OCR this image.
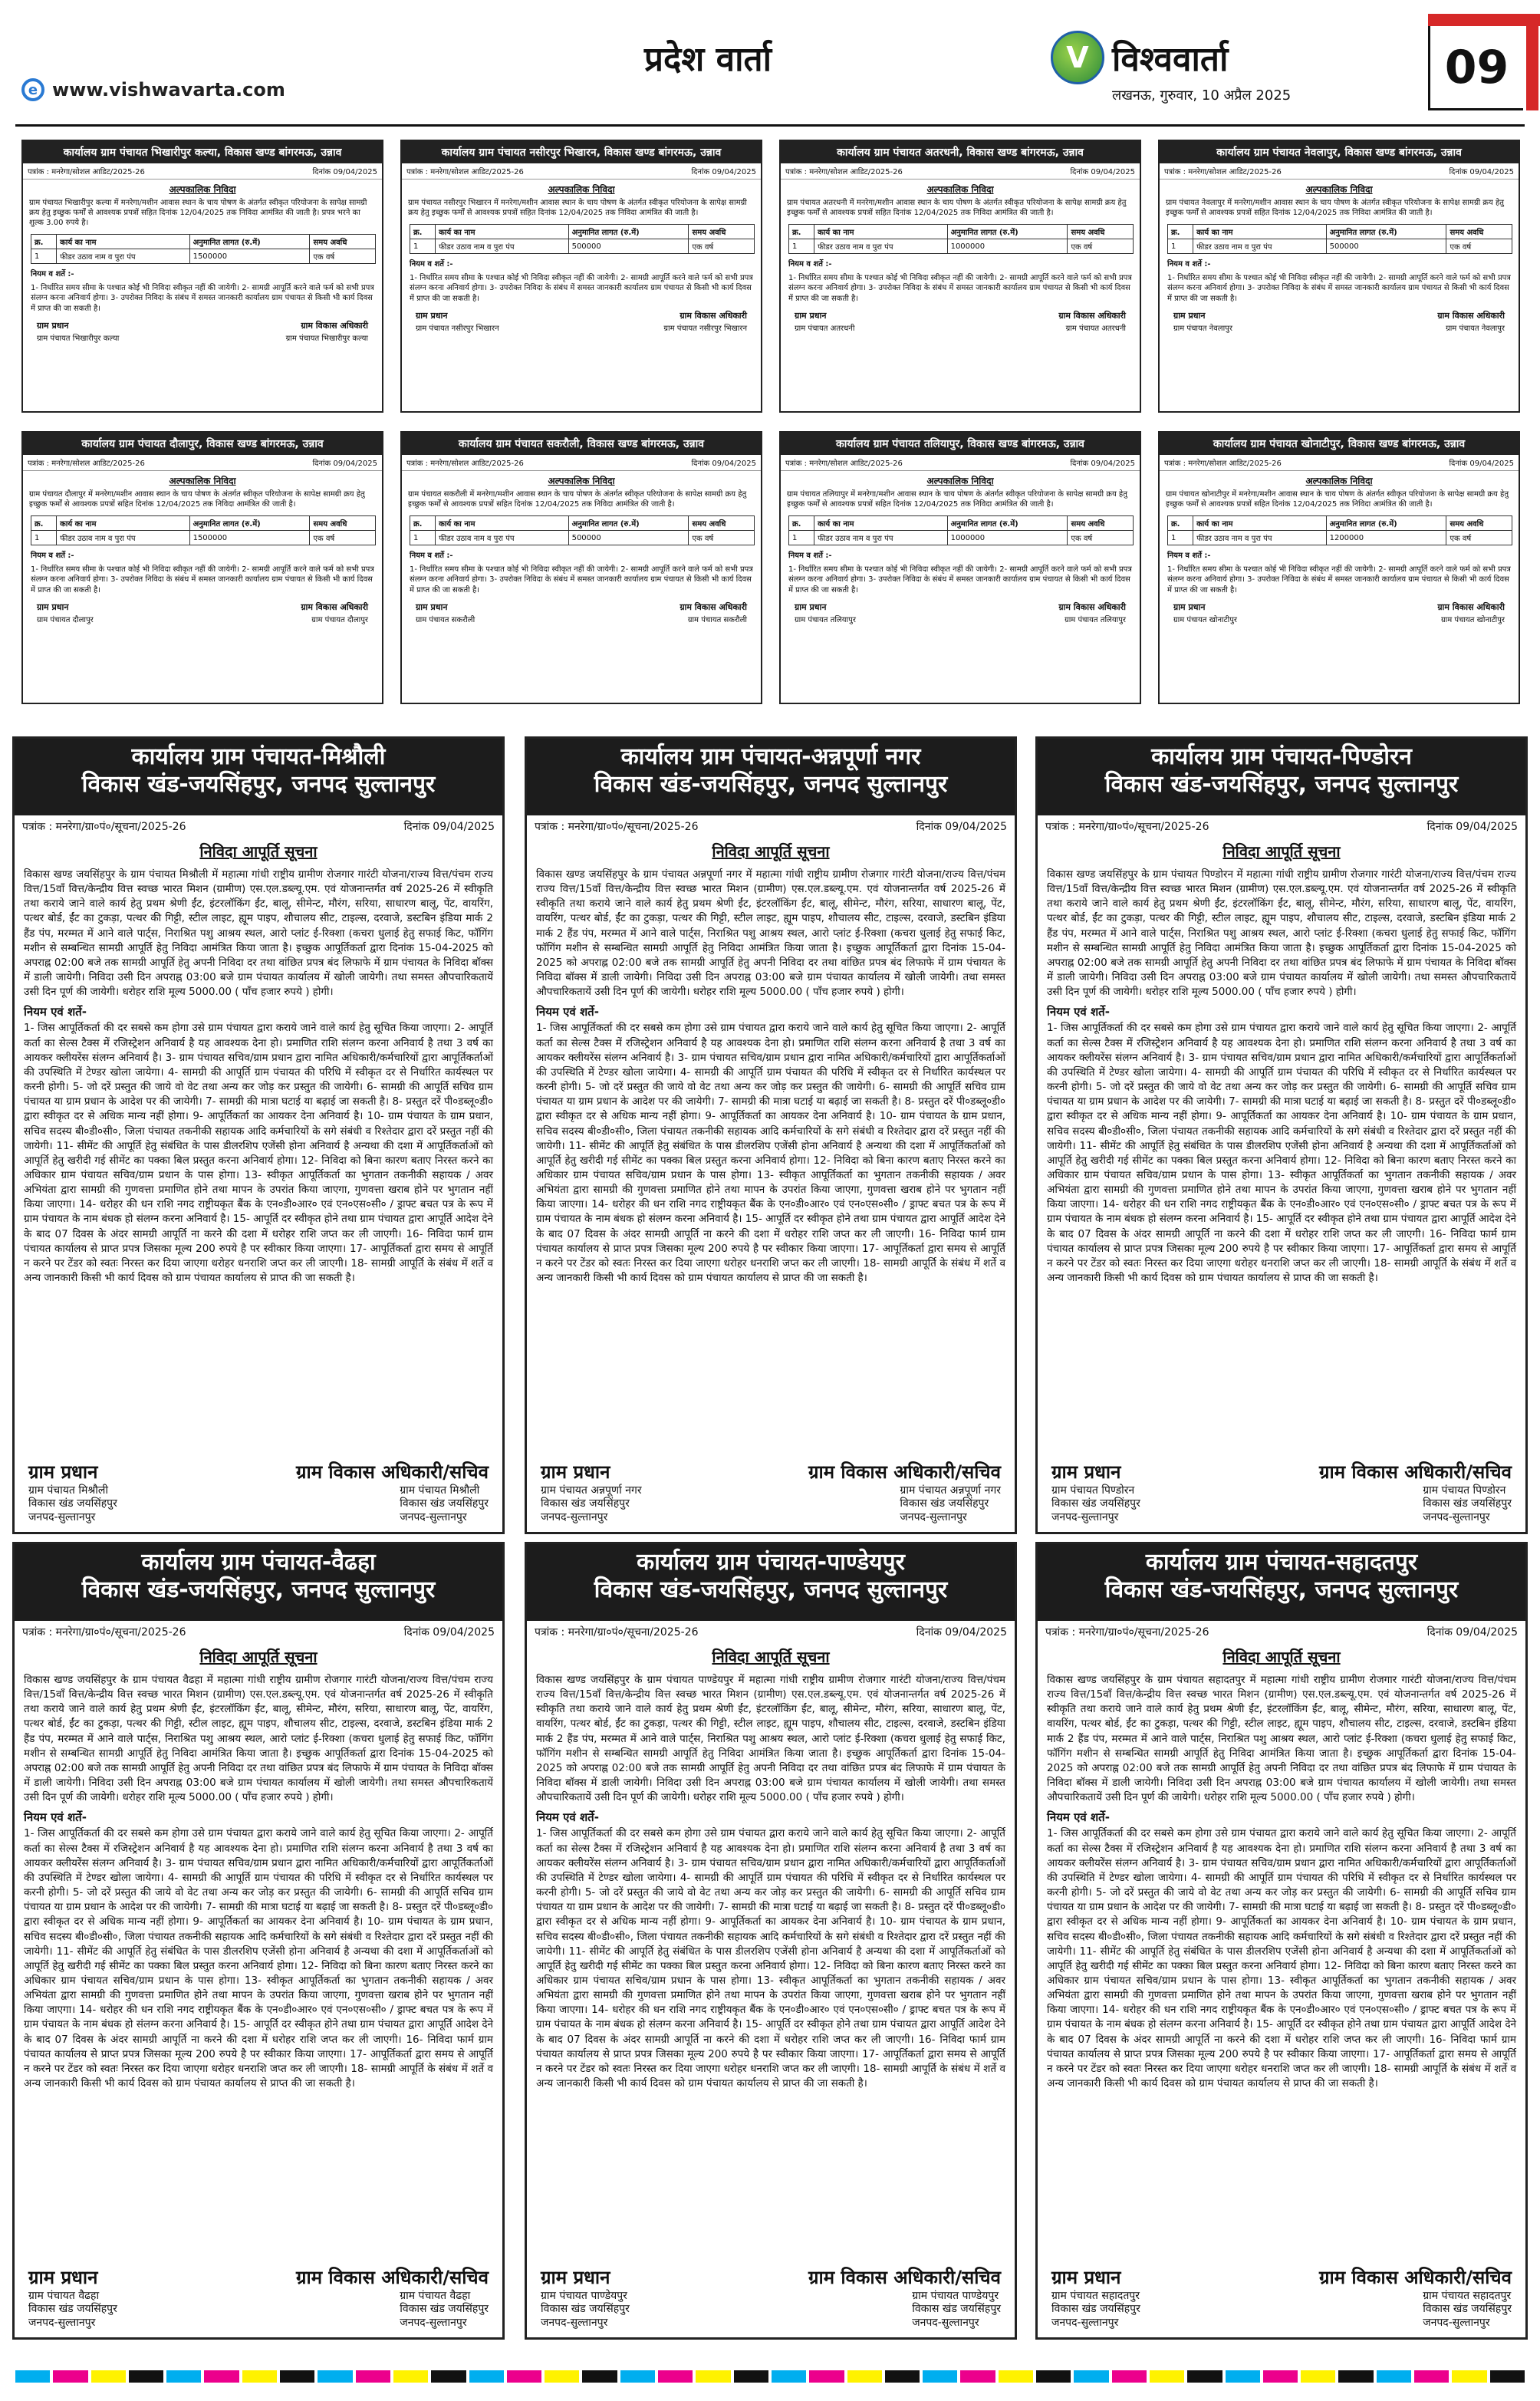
e www.vishwavarta.com
प्रदेश वार्ता	V विश्ववार्ता
लखनऊ, गुरुवार, 10 अप्रैल 2025
09
कार्यालय ग्राम पंचायत भिखारीपुर कल्या, विकास खण्ड बांगरमऊ, उन्नाव
पत्रांक : मनरेगा/सोशल आडिट/2025-26	दिनांक 09/04/2025
अल्पकालिक निविदा
ग्राम पंचायत भिखारीपुर कल्या में मनरेगा/मशीन आवास स्थान के चाय पोषण के अंतर्गत स्वीकृत परियोजना के सापेक्ष सामग्री क्रय हेतु इच्छुक फर्मों से आवश्यक प्रपत्रों सहित दिनांक 12/04/2025 तक निविदा आमंत्रित की जाती है। प्रपत्र भरने का शुल्क 3.00 रुपये है।
क्र.	कार्य का नाम	अनुमानित लागत (रु.में)	समय अवधि
1	फीडर उठाव नाम व पुरा पंप	1500000	एक वर्ष
नियम व शर्ते :-
1- निर्धारित समय सीमा के पश्चात कोई भी निविदा स्वीकृत नहीं की जायेगी। 2- सामग्री आपूर्ति करने वाले फर्म को सभी प्रपत्र संलग्न करना अनिवार्य होगा। 3- उपरोक्त निविदा के संबंध में समस्त जानकारी कार्यालय ग्राम पंचायत से किसी भी कार्य दिवस में प्राप्त की जा सकती है।
ग्राम प्रधान	ग्राम विकास अधिकारी
ग्राम पंचायत भिखारीपुर कल्या	ग्राम पंचायत भिखारीपुर कल्या
कार्यालय ग्राम पंचायत नसीरपुर भिखारन, विकास खण्ड बांगरमऊ, उन्नाव
पत्रांक : मनरेगा/सोशल आडिट/2025-26	दिनांक 09/04/2025
अल्पकालिक निविदा
ग्राम पंचायत नसीरपुर भिखारन में मनरेगा/मशीन आवास स्थान के चाय पोषण के अंतर्गत स्वीकृत परियोजना के सापेक्ष सामग्री क्रय हेतु इच्छुक फर्मों से आवश्यक प्रपत्रों सहित दिनांक 12/04/2025 तक निविदा आमंत्रित की जाती है।
क्र.	कार्य का नाम	अनुमानित लागत (रु.में)	समय अवधि
1	फीडर उठाव नाम व पुरा पंप	500000	एक वर्ष
नियम व शर्ते :-
1- निर्धारित समय सीमा के पश्चात कोई भी निविदा स्वीकृत नहीं की जायेगी। 2- सामग्री आपूर्ति करने वाले फर्म को सभी प्रपत्र संलग्न करना अनिवार्य होगा। 3- उपरोक्त निविदा के संबंध में समस्त जानकारी कार्यालय ग्राम पंचायत से किसी भी कार्य दिवस में प्राप्त की जा सकती है।
ग्राम प्रधान	ग्राम विकास अधिकारी
ग्राम पंचायत नसीरपुर भिखारन	ग्राम पंचायत नसीरपुर भिखारन
कार्यालय ग्राम पंचायत अतरधनी, विकास खण्ड बांगरमऊ, उन्नाव
पत्रांक : मनरेगा/सोशल आडिट/2025-26	दिनांक 09/04/2025
अल्पकालिक निविदा
ग्राम पंचायत अतरधनी में मनरेगा/मशीन आवास स्थान के चाय पोषण के अंतर्गत स्वीकृत परियोजना के सापेक्ष सामग्री क्रय हेतु इच्छुक फर्मों से आवश्यक प्रपत्रों सहित दिनांक 12/04/2025 तक निविदा आमंत्रित की जाती है।
क्र.	कार्य का नाम	अनुमानित लागत (रु.में)	समय अवधि
1	फीडर उठाव नाम व पुरा पंप	1000000	एक वर्ष
नियम व शर्ते :-
1- निर्धारित समय सीमा के पश्चात कोई भी निविदा स्वीकृत नहीं की जायेगी। 2- सामग्री आपूर्ति करने वाले फर्म को सभी प्रपत्र संलग्न करना अनिवार्य होगा। 3- उपरोक्त निविदा के संबंध में समस्त जानकारी कार्यालय ग्राम पंचायत से किसी भी कार्य दिवस में प्राप्त की जा सकती है।
ग्राम प्रधान	ग्राम विकास अधिकारी
ग्राम पंचायत अतरधनी	ग्राम पंचायत अतरधनी
कार्यालय ग्राम पंचायत नेवलापुर, विकास खण्ड बांगरमऊ, उन्नाव
पत्रांक : मनरेगा/सोशल आडिट/2025-26	दिनांक 09/04/2025
अल्पकालिक निविदा
ग्राम पंचायत नेवलापुर में मनरेगा/मशीन आवास स्थान के चाय पोषण के अंतर्गत स्वीकृत परियोजना के सापेक्ष सामग्री क्रय हेतु इच्छुक फर्मों से आवश्यक प्रपत्रों सहित दिनांक 12/04/2025 तक निविदा आमंत्रित की जाती है।
क्र.	कार्य का नाम	अनुमानित लागत (रु.में)	समय अवधि
1	फीडर उठाव नाम व पुरा पंप	500000	एक वर्ष
नियम व शर्ते :-
1- निर्धारित समय सीमा के पश्चात कोई भी निविदा स्वीकृत नहीं की जायेगी। 2- सामग्री आपूर्ति करने वाले फर्म को सभी प्रपत्र संलग्न करना अनिवार्य होगा। 3- उपरोक्त निविदा के संबंध में समस्त जानकारी कार्यालय ग्राम पंचायत से किसी भी कार्य दिवस में प्राप्त की जा सकती है।
ग्राम प्रधान	ग्राम विकास अधिकारी
ग्राम पंचायत नेवलापुर	ग्राम पंचायत नेवलापुर
कार्यालय ग्राम पंचायत दौलापुर, विकास खण्ड बांगरमऊ, उन्नाव
पत्रांक : मनरेगा/सोशल आडिट/2025-26	दिनांक 09/04/2025
अल्पकालिक निविदा
ग्राम पंचायत दौलापुर में मनरेगा/मशीन आवास स्थान के चाय पोषण के अंतर्गत स्वीकृत परियोजना के सापेक्ष सामग्री क्रय हेतु इच्छुक फर्मों से आवश्यक प्रपत्रों सहित दिनांक 12/04/2025 तक निविदा आमंत्रित की जाती है।
क्र.	कार्य का नाम	अनुमानित लागत (रु.में)	समय अवधि
1	फीडर उठाव नाम व पुरा पंप	1500000	एक वर्ष
नियम व शर्ते :-
1- निर्धारित समय सीमा के पश्चात कोई भी निविदा स्वीकृत नहीं की जायेगी। 2- सामग्री आपूर्ति करने वाले फर्म को सभी प्रपत्र संलग्न करना अनिवार्य होगा। 3- उपरोक्त निविदा के संबंध में समस्त जानकारी कार्यालय ग्राम पंचायत से किसी भी कार्य दिवस में प्राप्त की जा सकती है।
ग्राम प्रधान	ग्राम विकास अधिकारी
ग्राम पंचायत दौलापुर	ग्राम पंचायत दौलापुर
कार्यालय ग्राम पंचायत सकरौली, विकास खण्ड बांगरमऊ, उन्नाव
पत्रांक : मनरेगा/सोशल आडिट/2025-26	दिनांक 09/04/2025
अल्पकालिक निविदा
ग्राम पंचायत सकरौली में मनरेगा/मशीन आवास स्थान के चाय पोषण के अंतर्गत स्वीकृत परियोजना के सापेक्ष सामग्री क्रय हेतु इच्छुक फर्मों से आवश्यक प्रपत्रों सहित दिनांक 12/04/2025 तक निविदा आमंत्रित की जाती है।
क्र.	कार्य का नाम	अनुमानित लागत (रु.में)	समय अवधि
1	फीडर उठाव नाम व पुरा पंप	500000	एक वर्ष
नियम व शर्ते :-
1- निर्धारित समय सीमा के पश्चात कोई भी निविदा स्वीकृत नहीं की जायेगी। 2- सामग्री आपूर्ति करने वाले फर्म को सभी प्रपत्र संलग्न करना अनिवार्य होगा। 3- उपरोक्त निविदा के संबंध में समस्त जानकारी कार्यालय ग्राम पंचायत से किसी भी कार्य दिवस में प्राप्त की जा सकती है।
ग्राम प्रधान	ग्राम विकास अधिकारी
ग्राम पंचायत सकरौली	ग्राम पंचायत सकरौली
कार्यालय ग्राम पंचायत तलियापुर, विकास खण्ड बांगरमऊ, उन्नाव
पत्रांक : मनरेगा/सोशल आडिट/2025-26	दिनांक 09/04/2025
अल्पकालिक निविदा
ग्राम पंचायत तलियापुर में मनरेगा/मशीन आवास स्थान के चाय पोषण के अंतर्गत स्वीकृत परियोजना के सापेक्ष सामग्री क्रय हेतु इच्छुक फर्मों से आवश्यक प्रपत्रों सहित दिनांक 12/04/2025 तक निविदा आमंत्रित की जाती है।
क्र.	कार्य का नाम	अनुमानित लागत (रु.में)	समय अवधि
1	फीडर उठाव नाम व पुरा पंप	1000000	एक वर्ष
नियम व शर्ते :-
1- निर्धारित समय सीमा के पश्चात कोई भी निविदा स्वीकृत नहीं की जायेगी। 2- सामग्री आपूर्ति करने वाले फर्म को सभी प्रपत्र संलग्न करना अनिवार्य होगा। 3- उपरोक्त निविदा के संबंध में समस्त जानकारी कार्यालय ग्राम पंचायत से किसी भी कार्य दिवस में प्राप्त की जा सकती है।
ग्राम प्रधान	ग्राम विकास अधिकारी
ग्राम पंचायत तलियापुर	ग्राम पंचायत तलियापुर
कार्यालय ग्राम पंचायत खोनाटीपुर, विकास खण्ड बांगरमऊ, उन्नाव
पत्रांक : मनरेगा/सोशल आडिट/2025-26	दिनांक 09/04/2025
अल्पकालिक निविदा
ग्राम पंचायत खोनाटीपुर में मनरेगा/मशीन आवास स्थान के चाय पोषण के अंतर्गत स्वीकृत परियोजना के सापेक्ष सामग्री क्रय हेतु इच्छुक फर्मों से आवश्यक प्रपत्रों सहित दिनांक 12/04/2025 तक निविदा आमंत्रित की जाती है।
क्र.	कार्य का नाम	अनुमानित लागत (रु.में)	समय अवधि
1	फीडर उठाव नाम व पुरा पंप	1200000	एक वर्ष
नियम व शर्ते :-
1- निर्धारित समय सीमा के पश्चात कोई भी निविदा स्वीकृत नहीं की जायेगी। 2- सामग्री आपूर्ति करने वाले फर्म को सभी प्रपत्र संलग्न करना अनिवार्य होगा। 3- उपरोक्त निविदा के संबंध में समस्त जानकारी कार्यालय ग्राम पंचायत से किसी भी कार्य दिवस में प्राप्त की जा सकती है।
ग्राम प्रधान	ग्राम विकास अधिकारी
ग्राम पंचायत खोनाटीपुर	ग्राम पंचायत खोनाटीपुर
कार्यालय ग्राम पंचायत-मिश्रौली
विकास खंड-जयसिंहपुर, जनपद सुल्तानपुर
पत्रांक : मनरेगा/ग्रा०पं०/सूचना/2025-26	दिनांक 09/04/2025
निविदा आपूर्ति सूचना
विकास खण्ड जयसिंहपुर के ग्राम पंचायत मिश्रौली में महात्मा गांधी राष्ट्रीय ग्रामीण रोजगार गारंटी योजना/राज्य वित्त/पंचम राज्य वित्त/15वाँ वित्त/केन्द्रीय वित्त स्वच्छ भारत मिशन (ग्रामीण) एस.एल.डब्ल्यू.एम. एवं योजनान्तर्गत वर्ष 2025-26 में स्वीकृति तथा कराये जाने वाले कार्य हेतु प्रथम श्रेणी ईंट, इंटरलॉकिंग ईंट, बालू, सीमेन्ट, मौरंग, सरिया, साधारण बालू, पेंट, वायरिंग, पत्थर बोर्ड, ईंट का टुकड़ा, पत्थर की गिट्टी, स्टील लाइट, ह्यूम पाइप, शौचालय सीट, टाइल्स, दरवाजे, डस्टबिन इंडिया मार्क 2 हैंड पंप, मरम्मत में आने वाले पार्ट्स, निराश्रित पशु आश्रय स्थल, आरो प्लांट ई-रिक्शा (कचरा धुलाई हेतु सफाई किट, फॉगिंग मशीन से सम्बन्धित सामग्री आपूर्ति हेतु निविदा आमंत्रित किया जाता है। इच्छुक आपूर्तिकर्ता द्वारा दिनांक 15-04-2025 को अपराह्न 02:00 बजे तक सामग्री आपूर्ति हेतु अपनी निविदा दर तथा वांछित प्रपत्र बंद लिफाफे में ग्राम पंचायत के निविदा बॉक्स में डाली जायेगी। निविदा उसी दिन अपराह्न 03:00 बजे ग्राम पंचायत कार्यालय में खोली जायेगी। तथा समस्त औपचारिकतायें उसी दिन पूर्ण की जायेगी। धरोहर राशि मूल्य 5000.00 ( पाँच हजार रुपये ) होगी।
नियम एवं शर्ते-
1- जिस आपूर्तिकर्ता की दर सबसे कम होगा उसे ग्राम पंचायत द्वारा कराये जाने वाले कार्य हेतु सूचित किया जाएगा। 2- आपूर्ति कर्ता का सेल्स टैक्स में रजिस्ट्रेशन अनिवार्य है यह आवश्यक देना हो। प्रमाणित राशि संलग्न करना अनिवार्य है तथा 3 वर्ष का आयकर क्लीयरेंस संलग्न अनिवार्य है। 3- ग्राम पंचायत सचिव/ग्राम प्रधान द्वारा नामित अधिकारी/कर्मचारियों द्वारा आपूर्तिकर्ताओं की उपस्थिति में टेण्डर खोला जायेगा। 4- सामग्री की आपूर्ति ग्राम पंचायत की परिधि में स्वीकृत दर से निर्धारित कार्यस्थल पर करनी होगी। 5- जो दरें प्रस्तुत की जाये वो वेट तथा अन्य कर जोड़ कर प्रस्तुत की जायेगी। 6- सामग्री की आपूर्ति सचिव ग्राम पंचायत या ग्राम प्रधान के आदेश पर की जायेगी। 7- सामग्री की मात्रा घटाई या बढ़ाई जा सकती है। 8- प्रस्तुत दरें पी०डब्लू०डी० द्वारा स्वीकृत दर से अधिक मान्य नहीं होगा। 9- आपूर्तिकर्ता का आयकर देना अनिवार्य है। 10- ग्राम पंचायत के ग्राम प्रधान, सचिव सदस्य बी०डी०सी०, जिला पंचायत तकनीकी सहायक आदि कर्मचारियों के सगे संबंधी व रिश्तेदार द्वारा दरें प्रस्तुत नहीं की जायेगी। 11- सीमेंट की आपूर्ति हेतु संबंधित के पास डीलरशिप एजेंसी होना अनिवार्य है अन्यथा की दशा में आपूर्तिकर्ताओं को आपूर्ति हेतु खरीदी गई सीमेंट का पक्का बिल प्रस्तुत करना अनिवार्य होगा। 12- निविदा को बिना कारण बताए निरस्त करने का अधिकार ग्राम पंचायत सचिव/ग्राम प्रधान के पास होगा। 13- स्वीकृत आपूर्तिकर्ता का भुगतान तकनीकी सहायक / अवर अभियंता द्वारा सामग्री की गुणवत्ता प्रमाणित होने तथा मापन के उपरांत किया जाएगा, गुणवत्ता खराब होने पर भुगतान नहीं किया जाएगा। 14- धरोहर की धन राशि नगद राष्ट्रीयकृत बैंक के एन०डी०आर० एवं एन०एस०सी० / ड्राफ्ट बचत पत्र के रूप में ग्राम पंचायत के नाम बंधक हो संलग्न करना अनिवार्य है। 15- आपूर्ति दर स्वीकृत होने तथा ग्राम पंचायत द्वारा आपूर्ति आदेश देने के बाद 07 दिवस के अंदर सामग्री आपूर्ति ना करने की दशा में धरोहर राशि जप्त कर ली जाएगी। 16- निविदा फार्म ग्राम पंचायत कार्यालय से प्राप्त प्रपत्र जिसका मूल्य 200 रुपये है पर स्वीकार किया जाएगा। 17- आपूर्तिकर्ता द्वारा समय से आपूर्ति न करने पर टेंडर को स्वतः निरस्त कर दिया जाएगा धरोहर धनराशि जप्त कर ली जाएगी। 18- सामग्री आपूर्ति के संबंध में शर्ते व अन्य जानकारी किसी भी कार्य दिवस को ग्राम पंचायत कार्यालय से प्राप्त की जा सकती है।
ग्राम प्रधान	ग्राम विकास अधिकारी/सचिव
ग्राम पंचायत मिश्रौली
विकास खंड जयसिंहपुर
जनपद-सुल्तानपुर
ग्राम पंचायत मिश्रौली
विकास खंड जयसिंहपुर
जनपद-सुल्तानपुर
कार्यालय ग्राम पंचायत-अन्नपूर्णा नगर
विकास खंड-जयसिंहपुर, जनपद सुल्तानपुर
पत्रांक : मनरेगा/ग्रा०पं०/सूचना/2025-26	दिनांक 09/04/2025
निविदा आपूर्ति सूचना
विकास खण्ड जयसिंहपुर के ग्राम पंचायत अन्नपूर्णा नगर में महात्मा गांधी राष्ट्रीय ग्रामीण रोजगार गारंटी योजना/राज्य वित्त/पंचम राज्य वित्त/15वाँ वित्त/केन्द्रीय वित्त स्वच्छ भारत मिशन (ग्रामीण) एस.एल.डब्ल्यू.एम. एवं योजनान्तर्गत वर्ष 2025-26 में स्वीकृति तथा कराये जाने वाले कार्य हेतु प्रथम श्रेणी ईंट, इंटरलॉकिंग ईंट, बालू, सीमेन्ट, मौरंग, सरिया, साधारण बालू, पेंट, वायरिंग, पत्थर बोर्ड, ईंट का टुकड़ा, पत्थर की गिट्टी, स्टील लाइट, ह्यूम पाइप, शौचालय सीट, टाइल्स, दरवाजे, डस्टबिन इंडिया मार्क 2 हैंड पंप, मरम्मत में आने वाले पार्ट्स, निराश्रित पशु आश्रय स्थल, आरो प्लांट ई-रिक्शा (कचरा धुलाई हेतु सफाई किट, फॉगिंग मशीन से सम्बन्धित सामग्री आपूर्ति हेतु निविदा आमंत्रित किया जाता है। इच्छुक आपूर्तिकर्ता द्वारा दिनांक 15-04-2025 को अपराह्न 02:00 बजे तक सामग्री आपूर्ति हेतु अपनी निविदा दर तथा वांछित प्रपत्र बंद लिफाफे में ग्राम पंचायत के निविदा बॉक्स में डाली जायेगी। निविदा उसी दिन अपराह्न 03:00 बजे ग्राम पंचायत कार्यालय में खोली जायेगी। तथा समस्त औपचारिकतायें उसी दिन पूर्ण की जायेगी। धरोहर राशि मूल्य 5000.00 ( पाँच हजार रुपये ) होगी।
नियम एवं शर्ते-
1- जिस आपूर्तिकर्ता की दर सबसे कम होगा उसे ग्राम पंचायत द्वारा कराये जाने वाले कार्य हेतु सूचित किया जाएगा। 2- आपूर्ति कर्ता का सेल्स टैक्स में रजिस्ट्रेशन अनिवार्य है यह आवश्यक देना हो। प्रमाणित राशि संलग्न करना अनिवार्य है तथा 3 वर्ष का आयकर क्लीयरेंस संलग्न अनिवार्य है। 3- ग्राम पंचायत सचिव/ग्राम प्रधान द्वारा नामित अधिकारी/कर्मचारियों द्वारा आपूर्तिकर्ताओं की उपस्थिति में टेण्डर खोला जायेगा। 4- सामग्री की आपूर्ति ग्राम पंचायत की परिधि में स्वीकृत दर से निर्धारित कार्यस्थल पर करनी होगी। 5- जो दरें प्रस्तुत की जाये वो वेट तथा अन्य कर जोड़ कर प्रस्तुत की जायेगी। 6- सामग्री की आपूर्ति सचिव ग्राम पंचायत या ग्राम प्रधान के आदेश पर की जायेगी। 7- सामग्री की मात्रा घटाई या बढ़ाई जा सकती है। 8- प्रस्तुत दरें पी०डब्लू०डी० द्वारा स्वीकृत दर से अधिक मान्य नहीं होगा। 9- आपूर्तिकर्ता का आयकर देना अनिवार्य है। 10- ग्राम पंचायत के ग्राम प्रधान, सचिव सदस्य बी०डी०सी०, जिला पंचायत तकनीकी सहायक आदि कर्मचारियों के सगे संबंधी व रिश्तेदार द्वारा दरें प्रस्तुत नहीं की जायेगी। 11- सीमेंट की आपूर्ति हेतु संबंधित के पास डीलरशिप एजेंसी होना अनिवार्य है अन्यथा की दशा में आपूर्तिकर्ताओं को आपूर्ति हेतु खरीदी गई सीमेंट का पक्का बिल प्रस्तुत करना अनिवार्य होगा। 12- निविदा को बिना कारण बताए निरस्त करने का अधिकार ग्राम पंचायत सचिव/ग्राम प्रधान के पास होगा। 13- स्वीकृत आपूर्तिकर्ता का भुगतान तकनीकी सहायक / अवर अभियंता द्वारा सामग्री की गुणवत्ता प्रमाणित होने तथा मापन के उपरांत किया जाएगा, गुणवत्ता खराब होने पर भुगतान नहीं किया जाएगा। 14- धरोहर की धन राशि नगद राष्ट्रीयकृत बैंक के एन०डी०आर० एवं एन०एस०सी० / ड्राफ्ट बचत पत्र के रूप में ग्राम पंचायत के नाम बंधक हो संलग्न करना अनिवार्य है। 15- आपूर्ति दर स्वीकृत होने तथा ग्राम पंचायत द्वारा आपूर्ति आदेश देने के बाद 07 दिवस के अंदर सामग्री आपूर्ति ना करने की दशा में धरोहर राशि जप्त कर ली जाएगी। 16- निविदा फार्म ग्राम पंचायत कार्यालय से प्राप्त प्रपत्र जिसका मूल्य 200 रुपये है पर स्वीकार किया जाएगा। 17- आपूर्तिकर्ता द्वारा समय से आपूर्ति न करने पर टेंडर को स्वतः निरस्त कर दिया जाएगा धरोहर धनराशि जप्त कर ली जाएगी। 18- सामग्री आपूर्ति के संबंध में शर्ते व अन्य जानकारी किसी भी कार्य दिवस को ग्राम पंचायत कार्यालय से प्राप्त की जा सकती है।
ग्राम प्रधान	ग्राम विकास अधिकारी/सचिव
ग्राम पंचायत अन्नपूर्णा नगर
विकास खंड जयसिंहपुर
जनपद-सुल्तानपुर
ग्राम पंचायत अन्नपूर्णा नगर
विकास खंड जयसिंहपुर
जनपद-सुल्तानपुर
कार्यालय ग्राम पंचायत-पिण्डोरन
विकास खंड-जयसिंहपुर, जनपद सुल्तानपुर
पत्रांक : मनरेगा/ग्रा०पं०/सूचना/2025-26	दिनांक 09/04/2025
निविदा आपूर्ति सूचना
विकास खण्ड जयसिंहपुर के ग्राम पंचायत पिण्डोरन में महात्मा गांधी राष्ट्रीय ग्रामीण रोजगार गारंटी योजना/राज्य वित्त/पंचम राज्य वित्त/15वाँ वित्त/केन्द्रीय वित्त स्वच्छ भारत मिशन (ग्रामीण) एस.एल.डब्ल्यू.एम. एवं योजनान्तर्गत वर्ष 2025-26 में स्वीकृति तथा कराये जाने वाले कार्य हेतु प्रथम श्रेणी ईंट, इंटरलॉकिंग ईंट, बालू, सीमेन्ट, मौरंग, सरिया, साधारण बालू, पेंट, वायरिंग, पत्थर बोर्ड, ईंट का टुकड़ा, पत्थर की गिट्टी, स्टील लाइट, ह्यूम पाइप, शौचालय सीट, टाइल्स, दरवाजे, डस्टबिन इंडिया मार्क 2 हैंड पंप, मरम्मत में आने वाले पार्ट्स, निराश्रित पशु आश्रय स्थल, आरो प्लांट ई-रिक्शा (कचरा धुलाई हेतु सफाई किट, फॉगिंग मशीन से सम्बन्धित सामग्री आपूर्ति हेतु निविदा आमंत्रित किया जाता है। इच्छुक आपूर्तिकर्ता द्वारा दिनांक 15-04-2025 को अपराह्न 02:00 बजे तक सामग्री आपूर्ति हेतु अपनी निविदा दर तथा वांछित प्रपत्र बंद लिफाफे में ग्राम पंचायत के निविदा बॉक्स में डाली जायेगी। निविदा उसी दिन अपराह्न 03:00 बजे ग्राम पंचायत कार्यालय में खोली जायेगी। तथा समस्त औपचारिकतायें उसी दिन पूर्ण की जायेगी। धरोहर राशि मूल्य 5000.00 ( पाँच हजार रुपये ) होगी।
नियम एवं शर्ते-
1- जिस आपूर्तिकर्ता की दर सबसे कम होगा उसे ग्राम पंचायत द्वारा कराये जाने वाले कार्य हेतु सूचित किया जाएगा। 2- आपूर्ति कर्ता का सेल्स टैक्स में रजिस्ट्रेशन अनिवार्य है यह आवश्यक देना हो। प्रमाणित राशि संलग्न करना अनिवार्य है तथा 3 वर्ष का आयकर क्लीयरेंस संलग्न अनिवार्य है। 3- ग्राम पंचायत सचिव/ग्राम प्रधान द्वारा नामित अधिकारी/कर्मचारियों द्वारा आपूर्तिकर्ताओं की उपस्थिति में टेण्डर खोला जायेगा। 4- सामग्री की आपूर्ति ग्राम पंचायत की परिधि में स्वीकृत दर से निर्धारित कार्यस्थल पर करनी होगी। 5- जो दरें प्रस्तुत की जाये वो वेट तथा अन्य कर जोड़ कर प्रस्तुत की जायेगी। 6- सामग्री की आपूर्ति सचिव ग्राम पंचायत या ग्राम प्रधान के आदेश पर की जायेगी। 7- सामग्री की मात्रा घटाई या बढ़ाई जा सकती है। 8- प्रस्तुत दरें पी०डब्लू०डी० द्वारा स्वीकृत दर से अधिक मान्य नहीं होगा। 9- आपूर्तिकर्ता का आयकर देना अनिवार्य है। 10- ग्राम पंचायत के ग्राम प्रधान, सचिव सदस्य बी०डी०सी०, जिला पंचायत तकनीकी सहायक आदि कर्मचारियों के सगे संबंधी व रिश्तेदार द्वारा दरें प्रस्तुत नहीं की जायेगी। 11- सीमेंट की आपूर्ति हेतु संबंधित के पास डीलरशिप एजेंसी होना अनिवार्य है अन्यथा की दशा में आपूर्तिकर्ताओं को आपूर्ति हेतु खरीदी गई सीमेंट का पक्का बिल प्रस्तुत करना अनिवार्य होगा। 12- निविदा को बिना कारण बताए निरस्त करने का अधिकार ग्राम पंचायत सचिव/ग्राम प्रधान के पास होगा। 13- स्वीकृत आपूर्तिकर्ता का भुगतान तकनीकी सहायक / अवर अभियंता द्वारा सामग्री की गुणवत्ता प्रमाणित होने तथा मापन के उपरांत किया जाएगा, गुणवत्ता खराब होने पर भुगतान नहीं किया जाएगा। 14- धरोहर की धन राशि नगद राष्ट्रीयकृत बैंक के एन०डी०आर० एवं एन०एस०सी० / ड्राफ्ट बचत पत्र के रूप में ग्राम पंचायत के नाम बंधक हो संलग्न करना अनिवार्य है। 15- आपूर्ति दर स्वीकृत होने तथा ग्राम पंचायत द्वारा आपूर्ति आदेश देने के बाद 07 दिवस के अंदर सामग्री आपूर्ति ना करने की दशा में धरोहर राशि जप्त कर ली जाएगी। 16- निविदा फार्म ग्राम पंचायत कार्यालय से प्राप्त प्रपत्र जिसका मूल्य 200 रुपये है पर स्वीकार किया जाएगा। 17- आपूर्तिकर्ता द्वारा समय से आपूर्ति न करने पर टेंडर को स्वतः निरस्त कर दिया जाएगा धरोहर धनराशि जप्त कर ली जाएगी। 18- सामग्री आपूर्ति के संबंध में शर्ते व अन्य जानकारी किसी भी कार्य दिवस को ग्राम पंचायत कार्यालय से प्राप्त की जा सकती है।
ग्राम प्रधान	ग्राम विकास अधिकारी/सचिव
ग्राम पंचायत पिण्डोरन
विकास खंड जयसिंहपुर
जनपद-सुल्तानपुर
ग्राम पंचायत पिण्डोरन
विकास खंड जयसिंहपुर
जनपद-सुल्तानपुर
कार्यालय ग्राम पंचायत-वैढहा
विकास खंड-जयसिंहपुर, जनपद सुल्तानपुर
पत्रांक : मनरेगा/ग्रा०पं०/सूचना/2025-26	दिनांक 09/04/2025
निविदा आपूर्ति सूचना
विकास खण्ड जयसिंहपुर के ग्राम पंचायत वैढहा में महात्मा गांधी राष्ट्रीय ग्रामीण रोजगार गारंटी योजना/राज्य वित्त/पंचम राज्य वित्त/15वाँ वित्त/केन्द्रीय वित्त स्वच्छ भारत मिशन (ग्रामीण) एस.एल.डब्ल्यू.एम. एवं योजनान्तर्गत वर्ष 2025-26 में स्वीकृति तथा कराये जाने वाले कार्य हेतु प्रथम श्रेणी ईंट, इंटरलॉकिंग ईंट, बालू, सीमेन्ट, मौरंग, सरिया, साधारण बालू, पेंट, वायरिंग, पत्थर बोर्ड, ईंट का टुकड़ा, पत्थर की गिट्टी, स्टील लाइट, ह्यूम पाइप, शौचालय सीट, टाइल्स, दरवाजे, डस्टबिन इंडिया मार्क 2 हैंड पंप, मरम्मत में आने वाले पार्ट्स, निराश्रित पशु आश्रय स्थल, आरो प्लांट ई-रिक्शा (कचरा धुलाई हेतु सफाई किट, फॉगिंग मशीन से सम्बन्धित सामग्री आपूर्ति हेतु निविदा आमंत्रित किया जाता है। इच्छुक आपूर्तिकर्ता द्वारा दिनांक 15-04-2025 को अपराह्न 02:00 बजे तक सामग्री आपूर्ति हेतु अपनी निविदा दर तथा वांछित प्रपत्र बंद लिफाफे में ग्राम पंचायत के निविदा बॉक्स में डाली जायेगी। निविदा उसी दिन अपराह्न 03:00 बजे ग्राम पंचायत कार्यालय में खोली जायेगी। तथा समस्त औपचारिकतायें उसी दिन पूर्ण की जायेगी। धरोहर राशि मूल्य 5000.00 ( पाँच हजार रुपये ) होगी।
नियम एवं शर्ते-
1- जिस आपूर्तिकर्ता की दर सबसे कम होगा उसे ग्राम पंचायत द्वारा कराये जाने वाले कार्य हेतु सूचित किया जाएगा। 2- आपूर्ति कर्ता का सेल्स टैक्स में रजिस्ट्रेशन अनिवार्य है यह आवश्यक देना हो। प्रमाणित राशि संलग्न करना अनिवार्य है तथा 3 वर्ष का आयकर क्लीयरेंस संलग्न अनिवार्य है। 3- ग्राम पंचायत सचिव/ग्राम प्रधान द्वारा नामित अधिकारी/कर्मचारियों द्वारा आपूर्तिकर्ताओं की उपस्थिति में टेण्डर खोला जायेगा। 4- सामग्री की आपूर्ति ग्राम पंचायत की परिधि में स्वीकृत दर से निर्धारित कार्यस्थल पर करनी होगी। 5- जो दरें प्रस्तुत की जाये वो वेट तथा अन्य कर जोड़ कर प्रस्तुत की जायेगी। 6- सामग्री की आपूर्ति सचिव ग्राम पंचायत या ग्राम प्रधान के आदेश पर की जायेगी। 7- सामग्री की मात्रा घटाई या बढ़ाई जा सकती है। 8- प्रस्तुत दरें पी०डब्लू०डी० द्वारा स्वीकृत दर से अधिक मान्य नहीं होगा। 9- आपूर्तिकर्ता का आयकर देना अनिवार्य है। 10- ग्राम पंचायत के ग्राम प्रधान, सचिव सदस्य बी०डी०सी०, जिला पंचायत तकनीकी सहायक आदि कर्मचारियों के सगे संबंधी व रिश्तेदार द्वारा दरें प्रस्तुत नहीं की जायेगी। 11- सीमेंट की आपूर्ति हेतु संबंधित के पास डीलरशिप एजेंसी होना अनिवार्य है अन्यथा की दशा में आपूर्तिकर्ताओं को आपूर्ति हेतु खरीदी गई सीमेंट का पक्का बिल प्रस्तुत करना अनिवार्य होगा। 12- निविदा को बिना कारण बताए निरस्त करने का अधिकार ग्राम पंचायत सचिव/ग्राम प्रधान के पास होगा। 13- स्वीकृत आपूर्तिकर्ता का भुगतान तकनीकी सहायक / अवर अभियंता द्वारा सामग्री की गुणवत्ता प्रमाणित होने तथा मापन के उपरांत किया जाएगा, गुणवत्ता खराब होने पर भुगतान नहीं किया जाएगा। 14- धरोहर की धन राशि नगद राष्ट्रीयकृत बैंक के एन०डी०आर० एवं एन०एस०सी० / ड्राफ्ट बचत पत्र के रूप में ग्राम पंचायत के नाम बंधक हो संलग्न करना अनिवार्य है। 15- आपूर्ति दर स्वीकृत होने तथा ग्राम पंचायत द्वारा आपूर्ति आदेश देने के बाद 07 दिवस के अंदर सामग्री आपूर्ति ना करने की दशा में धरोहर राशि जप्त कर ली जाएगी। 16- निविदा फार्म ग्राम पंचायत कार्यालय से प्राप्त प्रपत्र जिसका मूल्य 200 रुपये है पर स्वीकार किया जाएगा। 17- आपूर्तिकर्ता द्वारा समय से आपूर्ति न करने पर टेंडर को स्वतः निरस्त कर दिया जाएगा धरोहर धनराशि जप्त कर ली जाएगी। 18- सामग्री आपूर्ति के संबंध में शर्ते व अन्य जानकारी किसी भी कार्य दिवस को ग्राम पंचायत कार्यालय से प्राप्त की जा सकती है।
ग्राम प्रधान	ग्राम विकास अधिकारी/सचिव
ग्राम पंचायत वैढहा
विकास खंड जयसिंहपुर
जनपद-सुल्तानपुर
ग्राम पंचायत वैढहा
विकास खंड जयसिंहपुर
जनपद-सुल्तानपुर
कार्यालय ग्राम पंचायत-पाण्डेयपुर
विकास खंड-जयसिंहपुर, जनपद सुल्तानपुर
पत्रांक : मनरेगा/ग्रा०पं०/सूचना/2025-26	दिनांक 09/04/2025
निविदा आपूर्ति सूचना
विकास खण्ड जयसिंहपुर के ग्राम पंचायत पाण्डेयपुर में महात्मा गांधी राष्ट्रीय ग्रामीण रोजगार गारंटी योजना/राज्य वित्त/पंचम राज्य वित्त/15वाँ वित्त/केन्द्रीय वित्त स्वच्छ भारत मिशन (ग्रामीण) एस.एल.डब्ल्यू.एम. एवं योजनान्तर्गत वर्ष 2025-26 में स्वीकृति तथा कराये जाने वाले कार्य हेतु प्रथम श्रेणी ईंट, इंटरलॉकिंग ईंट, बालू, सीमेन्ट, मौरंग, सरिया, साधारण बालू, पेंट, वायरिंग, पत्थर बोर्ड, ईंट का टुकड़ा, पत्थर की गिट्टी, स्टील लाइट, ह्यूम पाइप, शौचालय सीट, टाइल्स, दरवाजे, डस्टबिन इंडिया मार्क 2 हैंड पंप, मरम्मत में आने वाले पार्ट्स, निराश्रित पशु आश्रय स्थल, आरो प्लांट ई-रिक्शा (कचरा धुलाई हेतु सफाई किट, फॉगिंग मशीन से सम्बन्धित सामग्री आपूर्ति हेतु निविदा आमंत्रित किया जाता है। इच्छुक आपूर्तिकर्ता द्वारा दिनांक 15-04-2025 को अपराह्न 02:00 बजे तक सामग्री आपूर्ति हेतु अपनी निविदा दर तथा वांछित प्रपत्र बंद लिफाफे में ग्राम पंचायत के निविदा बॉक्स में डाली जायेगी। निविदा उसी दिन अपराह्न 03:00 बजे ग्राम पंचायत कार्यालय में खोली जायेगी। तथा समस्त औपचारिकतायें उसी दिन पूर्ण की जायेगी। धरोहर राशि मूल्य 5000.00 ( पाँच हजार रुपये ) होगी।
नियम एवं शर्ते-
1- जिस आपूर्तिकर्ता की दर सबसे कम होगा उसे ग्राम पंचायत द्वारा कराये जाने वाले कार्य हेतु सूचित किया जाएगा। 2- आपूर्ति कर्ता का सेल्स टैक्स में रजिस्ट्रेशन अनिवार्य है यह आवश्यक देना हो। प्रमाणित राशि संलग्न करना अनिवार्य है तथा 3 वर्ष का आयकर क्लीयरेंस संलग्न अनिवार्य है। 3- ग्राम पंचायत सचिव/ग्राम प्रधान द्वारा नामित अधिकारी/कर्मचारियों द्वारा आपूर्तिकर्ताओं की उपस्थिति में टेण्डर खोला जायेगा। 4- सामग्री की आपूर्ति ग्राम पंचायत की परिधि में स्वीकृत दर से निर्धारित कार्यस्थल पर करनी होगी। 5- जो दरें प्रस्तुत की जाये वो वेट तथा अन्य कर जोड़ कर प्रस्तुत की जायेगी। 6- सामग्री की आपूर्ति सचिव ग्राम पंचायत या ग्राम प्रधान के आदेश पर की जायेगी। 7- सामग्री की मात्रा घटाई या बढ़ाई जा सकती है। 8- प्रस्तुत दरें पी०डब्लू०डी० द्वारा स्वीकृत दर से अधिक मान्य नहीं होगा। 9- आपूर्तिकर्ता का आयकर देना अनिवार्य है। 10- ग्राम पंचायत के ग्राम प्रधान, सचिव सदस्य बी०डी०सी०, जिला पंचायत तकनीकी सहायक आदि कर्मचारियों के सगे संबंधी व रिश्तेदार द्वारा दरें प्रस्तुत नहीं की जायेगी। 11- सीमेंट की आपूर्ति हेतु संबंधित के पास डीलरशिप एजेंसी होना अनिवार्य है अन्यथा की दशा में आपूर्तिकर्ताओं को आपूर्ति हेतु खरीदी गई सीमेंट का पक्का बिल प्रस्तुत करना अनिवार्य होगा। 12- निविदा को बिना कारण बताए निरस्त करने का अधिकार ग्राम पंचायत सचिव/ग्राम प्रधान के पास होगा। 13- स्वीकृत आपूर्तिकर्ता का भुगतान तकनीकी सहायक / अवर अभियंता द्वारा सामग्री की गुणवत्ता प्रमाणित होने तथा मापन के उपरांत किया जाएगा, गुणवत्ता खराब होने पर भुगतान नहीं किया जाएगा। 14- धरोहर की धन राशि नगद राष्ट्रीयकृत बैंक के एन०डी०आर० एवं एन०एस०सी० / ड्राफ्ट बचत पत्र के रूप में ग्राम पंचायत के नाम बंधक हो संलग्न करना अनिवार्य है। 15- आपूर्ति दर स्वीकृत होने तथा ग्राम पंचायत द्वारा आपूर्ति आदेश देने के बाद 07 दिवस के अंदर सामग्री आपूर्ति ना करने की दशा में धरोहर राशि जप्त कर ली जाएगी। 16- निविदा फार्म ग्राम पंचायत कार्यालय से प्राप्त प्रपत्र जिसका मूल्य 200 रुपये है पर स्वीकार किया जाएगा। 17- आपूर्तिकर्ता द्वारा समय से आपूर्ति न करने पर टेंडर को स्वतः निरस्त कर दिया जाएगा धरोहर धनराशि जप्त कर ली जाएगी। 18- सामग्री आपूर्ति के संबंध में शर्ते व अन्य जानकारी किसी भी कार्य दिवस को ग्राम पंचायत कार्यालय से प्राप्त की जा सकती है।
ग्राम प्रधान	ग्राम विकास अधिकारी/सचिव
ग्राम पंचायत पाण्डेयपुर
विकास खंड जयसिंहपुर
जनपद-सुल्तानपुर
ग्राम पंचायत पाण्डेयपुर
विकास खंड जयसिंहपुर
जनपद-सुल्तानपुर
कार्यालय ग्राम पंचायत-सहादतपुर
विकास खंड-जयसिंहपुर, जनपद सुल्तानपुर
पत्रांक : मनरेगा/ग्रा०पं०/सूचना/2025-26	दिनांक 09/04/2025
निविदा आपूर्ति सूचना
विकास खण्ड जयसिंहपुर के ग्राम पंचायत सहादतपुर में महात्मा गांधी राष्ट्रीय ग्रामीण रोजगार गारंटी योजना/राज्य वित्त/पंचम राज्य वित्त/15वाँ वित्त/केन्द्रीय वित्त स्वच्छ भारत मिशन (ग्रामीण) एस.एल.डब्ल्यू.एम. एवं योजनान्तर्गत वर्ष 2025-26 में स्वीकृति तथा कराये जाने वाले कार्य हेतु प्रथम श्रेणी ईंट, इंटरलॉकिंग ईंट, बालू, सीमेन्ट, मौरंग, सरिया, साधारण बालू, पेंट, वायरिंग, पत्थर बोर्ड, ईंट का टुकड़ा, पत्थर की गिट्टी, स्टील लाइट, ह्यूम पाइप, शौचालय सीट, टाइल्स, दरवाजे, डस्टबिन इंडिया मार्क 2 हैंड पंप, मरम्मत में आने वाले पार्ट्स, निराश्रित पशु आश्रय स्थल, आरो प्लांट ई-रिक्शा (कचरा धुलाई हेतु सफाई किट, फॉगिंग मशीन से सम्बन्धित सामग्री आपूर्ति हेतु निविदा आमंत्रित किया जाता है। इच्छुक आपूर्तिकर्ता द्वारा दिनांक 15-04-2025 को अपराह्न 02:00 बजे तक सामग्री आपूर्ति हेतु अपनी निविदा दर तथा वांछित प्रपत्र बंद लिफाफे में ग्राम पंचायत के निविदा बॉक्स में डाली जायेगी। निविदा उसी दिन अपराह्न 03:00 बजे ग्राम पंचायत कार्यालय में खोली जायेगी। तथा समस्त औपचारिकतायें उसी दिन पूर्ण की जायेगी। धरोहर राशि मूल्य 5000.00 ( पाँच हजार रुपये ) होगी।
नियम एवं शर्ते-
1- जिस आपूर्तिकर्ता की दर सबसे कम होगा उसे ग्राम पंचायत द्वारा कराये जाने वाले कार्य हेतु सूचित किया जाएगा। 2- आपूर्ति कर्ता का सेल्स टैक्स में रजिस्ट्रेशन अनिवार्य है यह आवश्यक देना हो। प्रमाणित राशि संलग्न करना अनिवार्य है तथा 3 वर्ष का आयकर क्लीयरेंस संलग्न अनिवार्य है। 3- ग्राम पंचायत सचिव/ग्राम प्रधान द्वारा नामित अधिकारी/कर्मचारियों द्वारा आपूर्तिकर्ताओं की उपस्थिति में टेण्डर खोला जायेगा। 4- सामग्री की आपूर्ति ग्राम पंचायत की परिधि में स्वीकृत दर से निर्धारित कार्यस्थल पर करनी होगी। 5- जो दरें प्रस्तुत की जाये वो वेट तथा अन्य कर जोड़ कर प्रस्तुत की जायेगी। 6- सामग्री की आपूर्ति सचिव ग्राम पंचायत या ग्राम प्रधान के आदेश पर की जायेगी। 7- सामग्री की मात्रा घटाई या बढ़ाई जा सकती है। 8- प्रस्तुत दरें पी०डब्लू०डी० द्वारा स्वीकृत दर से अधिक मान्य नहीं होगा। 9- आपूर्तिकर्ता का आयकर देना अनिवार्य है। 10- ग्राम पंचायत के ग्राम प्रधान, सचिव सदस्य बी०डी०सी०, जिला पंचायत तकनीकी सहायक आदि कर्मचारियों के सगे संबंधी व रिश्तेदार द्वारा दरें प्रस्तुत नहीं की जायेगी। 11- सीमेंट की आपूर्ति हेतु संबंधित के पास डीलरशिप एजेंसी होना अनिवार्य है अन्यथा की दशा में आपूर्तिकर्ताओं को आपूर्ति हेतु खरीदी गई सीमेंट का पक्का बिल प्रस्तुत करना अनिवार्य होगा। 12- निविदा को बिना कारण बताए निरस्त करने का अधिकार ग्राम पंचायत सचिव/ग्राम प्रधान के पास होगा। 13- स्वीकृत आपूर्तिकर्ता का भुगतान तकनीकी सहायक / अवर अभियंता द्वारा सामग्री की गुणवत्ता प्रमाणित होने तथा मापन के उपरांत किया जाएगा, गुणवत्ता खराब होने पर भुगतान नहीं किया जाएगा। 14- धरोहर की धन राशि नगद राष्ट्रीयकृत बैंक के एन०डी०आर० एवं एन०एस०सी० / ड्राफ्ट बचत पत्र के रूप में ग्राम पंचायत के नाम बंधक हो संलग्न करना अनिवार्य है। 15- आपूर्ति दर स्वीकृत होने तथा ग्राम पंचायत द्वारा आपूर्ति आदेश देने के बाद 07 दिवस के अंदर सामग्री आपूर्ति ना करने की दशा में धरोहर राशि जप्त कर ली जाएगी। 16- निविदा फार्म ग्राम पंचायत कार्यालय से प्राप्त प्रपत्र जिसका मूल्य 200 रुपये है पर स्वीकार किया जाएगा। 17- आपूर्तिकर्ता द्वारा समय से आपूर्ति न करने पर टेंडर को स्वतः निरस्त कर दिया जाएगा धरोहर धनराशि जप्त कर ली जाएगी। 18- सामग्री आपूर्ति के संबंध में शर्ते व अन्य जानकारी किसी भी कार्य दिवस को ग्राम पंचायत कार्यालय से प्राप्त की जा सकती है।
ग्राम प्रधान	ग्राम विकास अधिकारी/सचिव
ग्राम पंचायत सहादतपुर
विकास खंड जयसिंहपुर
जनपद-सुल्तानपुर
ग्राम पंचायत सहादतपुर
विकास खंड जयसिंहपुर
जनपद-सुल्तानपुर
